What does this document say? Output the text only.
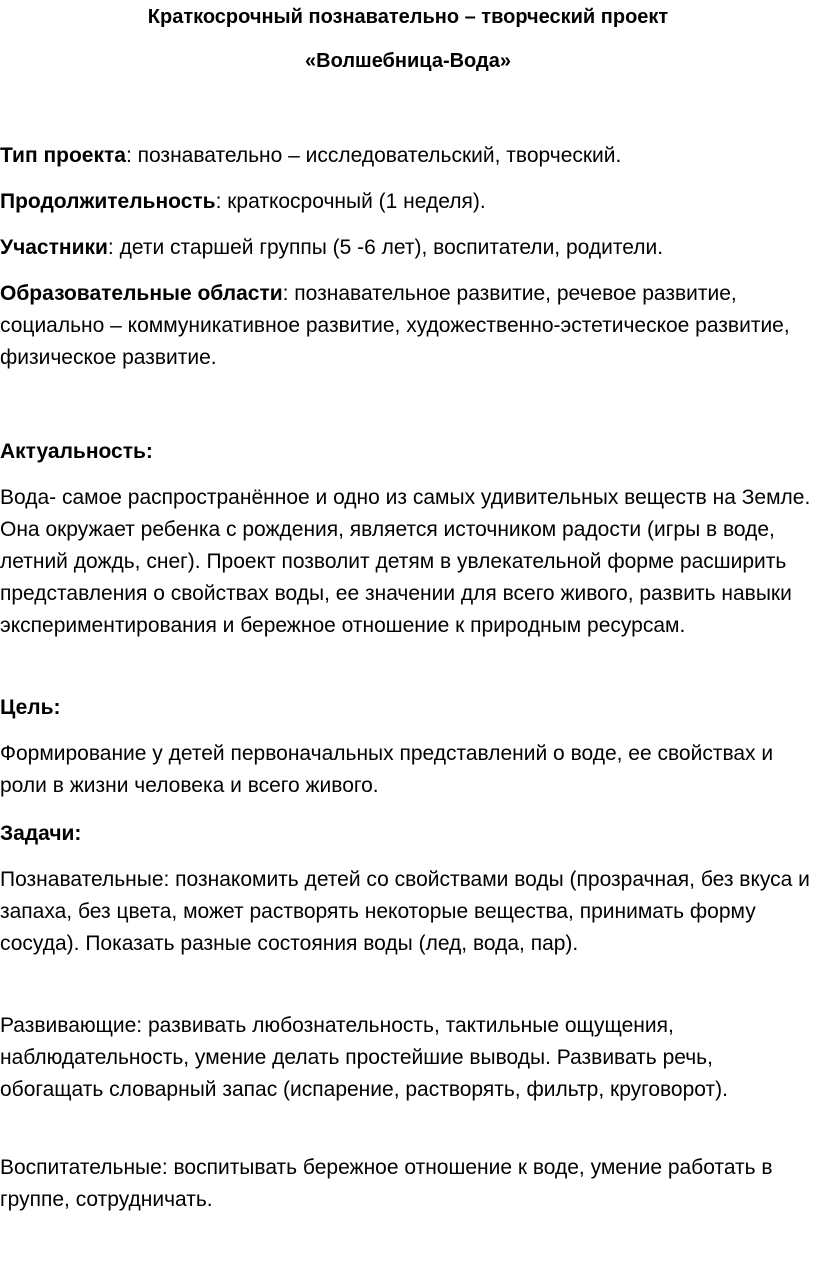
Краткосрочный познавательно – творческий проект
«Волшебница-Вода»

Тип проекта: познавательно – исследовательский, творческий.

Продолжительность: краткосрочный (1 неделя).

Участники: дети старшей группы (5 -6 лет), воспитатели, родители.

Образовательные области: познавательное развитие, речевое развитие, социально – коммуникативное развитие, художественно-эстетическое развитие, физическое развитие.

Актуальность:

Вода- самое распространённое и одно из самых удивительных веществ на Земле. Она окружает ребенка с рождения, является источником радости (игры в воде, летний дождь, снег). Проект позволит детям в увлекательной форме расширить представления о свойствах воды, ее значении для всего живого, развить навыки экспериментирования и бережное отношение к природным ресурсам.

Цель:

Формирование у детей первоначальных представлений о воде, ее свойствах и роли в жизни человека и всего живого.

Задачи:

Познавательные: познакомить детей со свойствами воды (прозрачная, без вкуса и запаха, без цвета, может растворять некоторые вещества, принимать форму сосуда). Показать разные состояния воды (лед, вода, пар).

Развивающие: развивать любознательность, тактильные ощущения, наблюдательность, умение делать простейшие выводы. Развивать речь, обогащать словарный запас (испарение, растворять, фильтр, круговорот).

Воспитательные: воспитывать бережное отношение к воде, умение работать в группе, сотрудничать.
